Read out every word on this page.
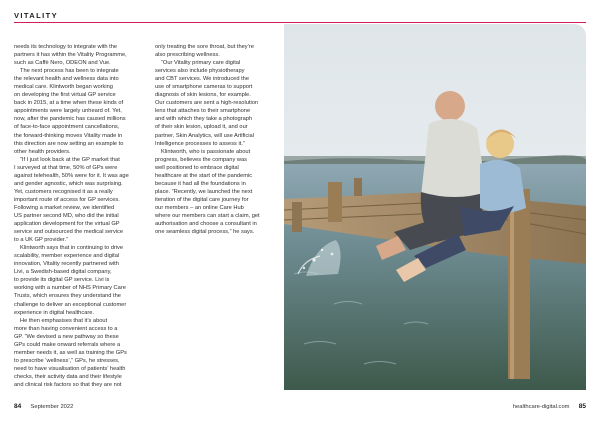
VITALITY

needs its technology to integrate with the

partners it has within the Vitality Programme,

such as Caffè Nero, ODEON and Vue.

The next process has been to integrate

the relevant health and wellness data into

medical care. Klintworth began working

on developing the first virtual GP service

back in 2015, at a time when these kinds of

appointments were largely unheard of. Yet,

now, after the pandemic has caused millions

of face-to-face appointment cancellations,

the forward-thinking moves Vitality made in

this direction are now setting an example to

other health providers.

“If I just look back at the GP market that

I surveyed at that time, 50% of GPs were

against telehealth, 50% were for it. It was age

and gender agnostic, which was surprising.

Yet, customers recognised it as a really

important route of access for GP services.

Following a market review, we identified

US partner second MD, who did the initial

application development for the virtual GP

service and outsourced the medical service

to a UK GP provider.”

Klintworth says that in continuing to drive

scalability, member experience and digital

innovation, Vitality recently partnered with

Livi, a Swedish-based digital company,

to provide its digital GP service. Livi is

working with a number of NHS Primary Care

Trusts, which ensures they understand the

challenge to deliver an exceptional customer

experience in digital healthcare.

He then emphasises that it’s about

more than having convenient access to a

GP. “We devised a new pathway so these

GPs could make onward referrals where a

member needs it, as well as training the GPs

to prescribe ‘wellness’,” GPs, he stresses,

need to have visualisation of patients’ health

checks, their activity data and their lifestyle

and clinical risk factors so that they are not

only treating the sore throat, but they’re

also prescribing wellness.

“Our Vitality primary care digital

services also include physiotherapy

and CBT services. We introduced the

use of smartphone cameras to support

diagnosis of skin lesions, for example.

Our customers are sent a high-resolution

lens that attaches to their smartphone

and with which they take a photograph

of their skin lesion, upload it, and our

partner, Skin Analytics, will use Artificial

Intelligence processes to assess it.”

Klintworth, who is passionate about

progress, believes the company was

well positioned to embrace digital

healthcare at the start of the pandemic

because it had all the foundations in

place. “Recently, we launched the next

iteration of the digital care journey for

our members – an online Care Hub

where our members can start a claim, get

authorisation and choose a consultant in

one seamless digital process,” he says.

84 September 2022	healthcare-digital.com 85
